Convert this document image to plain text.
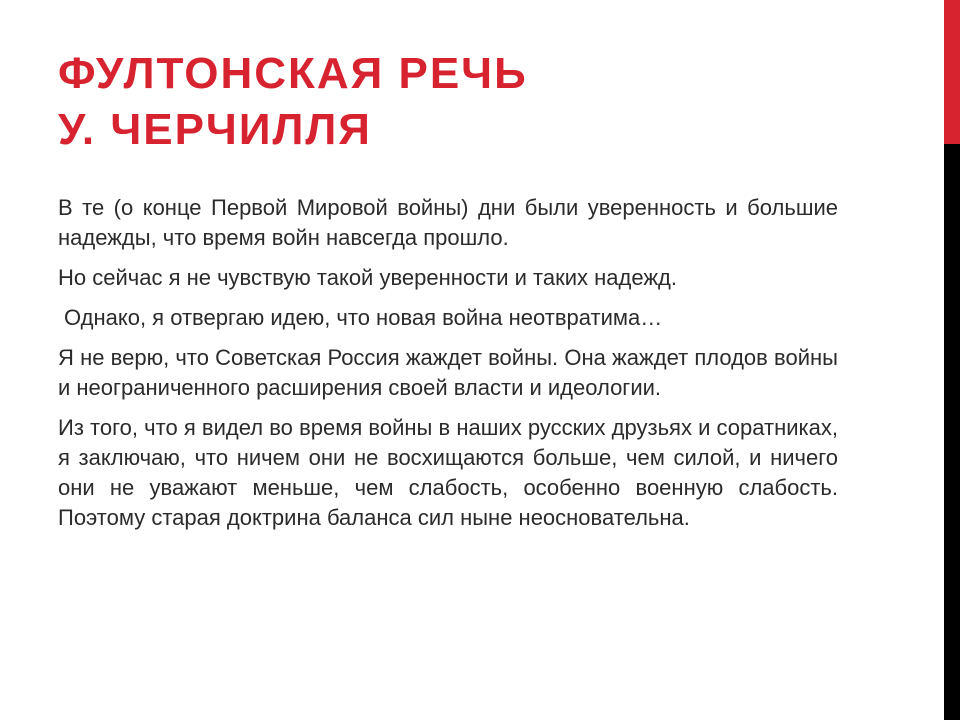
ФУЛТОНСКАЯ РЕЧЬ
У. ЧЕРЧИЛЛЯ

В те (о конце Первой Мировой войны) дни были уверенность и большие надежды, что время войн навсегда прошло.

Но сейчас я не чувствую такой уверенности и таких надежд.

Однако, я отвергаю идею, что новая война неотвратима…

Я не верю, что Советская Россия жаждет войны. Она жаждет плодов войны и неограниченного расширения своей власти и идеологии.

Из того, что я видел во время войны в наших русских друзьях и соратниках, я заключаю, что ничем они не восхищаются больше, чем силой, и ничего они не уважают меньше, чем слабость, особенно военную слабость. Поэтому старая доктрина баланса сил ныне неосновательна.
